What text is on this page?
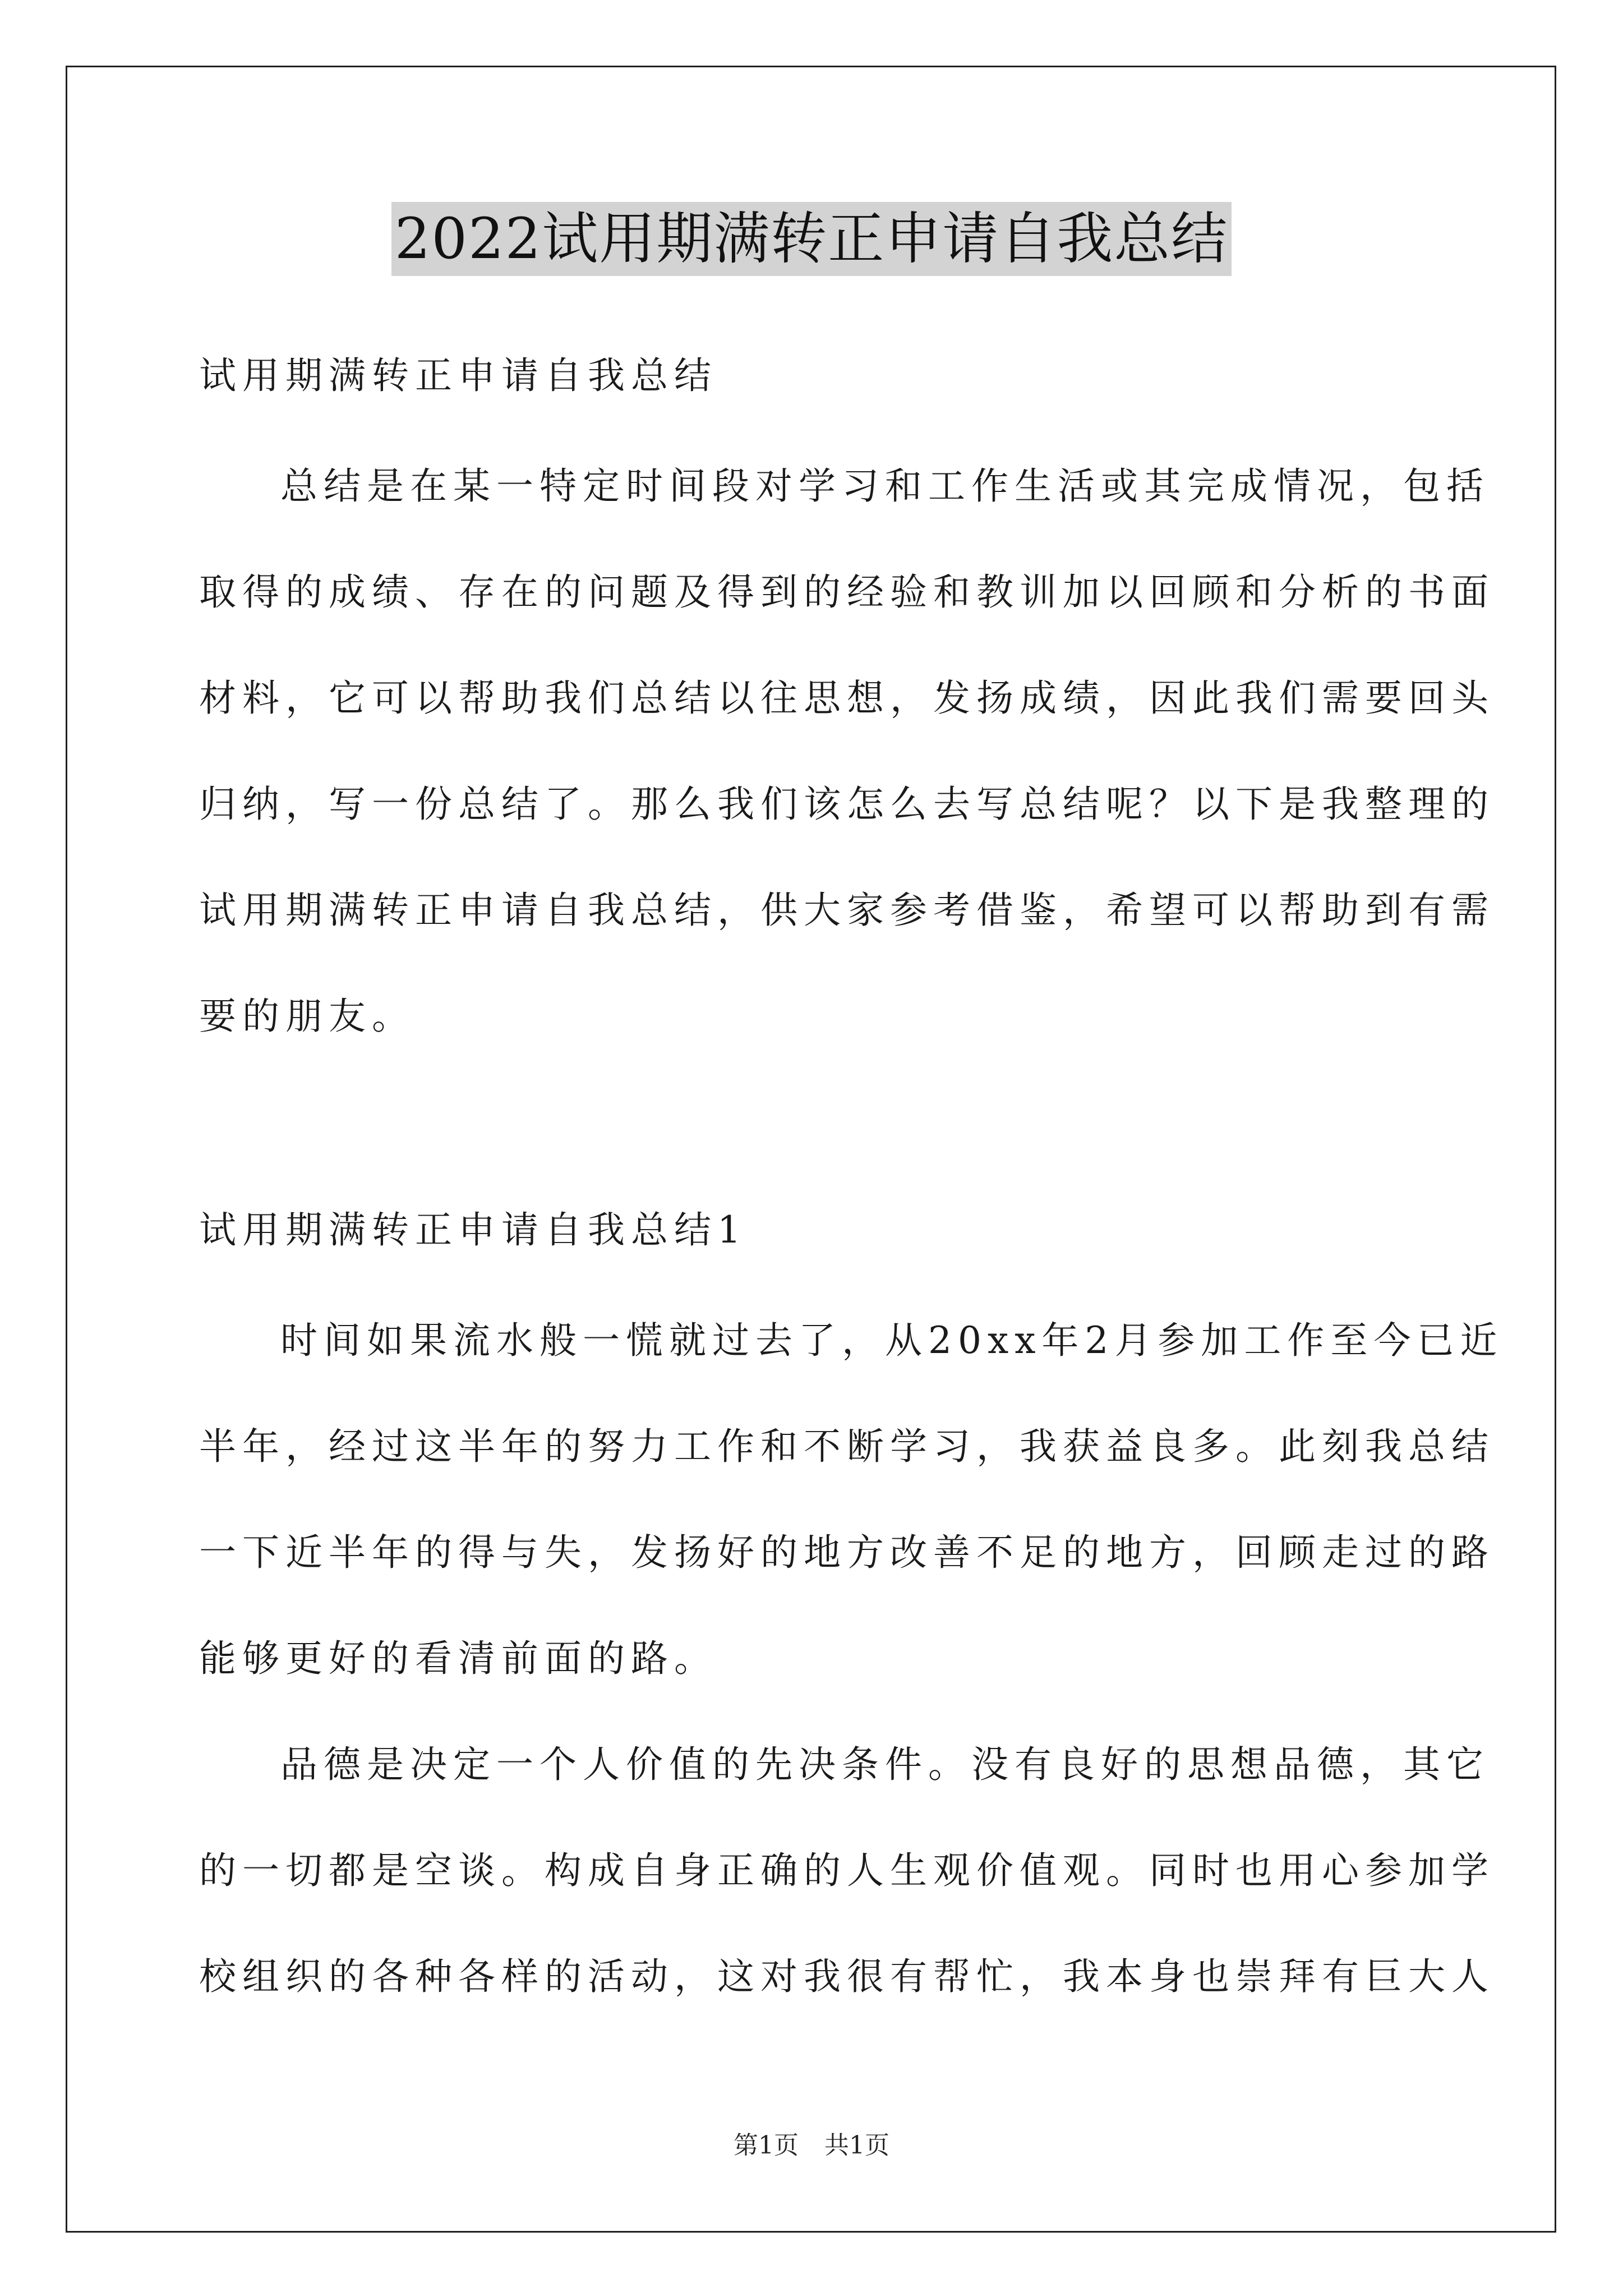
2022试用期满转正申请自我总结
试用期满转正申请自我总结
总结是在某一特定时间段对学习和工作生活或其完成情况，包括
取得的成绩、存在的问题及得到的经验和教训加以回顾和分析的书面
材料，它可以帮助我们总结以往思想，发扬成绩，因此我们需要回头
归纳，写一份总结了。那么我们该怎么去写总结呢？以下是我整理的
试用期满转正申请自我总结，供大家参考借鉴，希望可以帮助到有需
要的朋友。
试用期满转正申请自我总结1
时间如果流水般一慌就过去了，从20xx年2月参加工作至今已近
半年，经过这半年的努力工作和不断学习，我获益良多。此刻我总结
一下近半年的得与失，发扬好的地方改善不足的地方，回顾走过的路
能够更好的看清前面的路。
品德是决定一个人价值的先决条件。没有良好的思想品德，其它
的一切都是空谈。构成自身正确的人生观价值观。同时也用心参加学
校组织的各种各样的活动，这对我很有帮忙，我本身也崇拜有巨大人
第1页 共1页
